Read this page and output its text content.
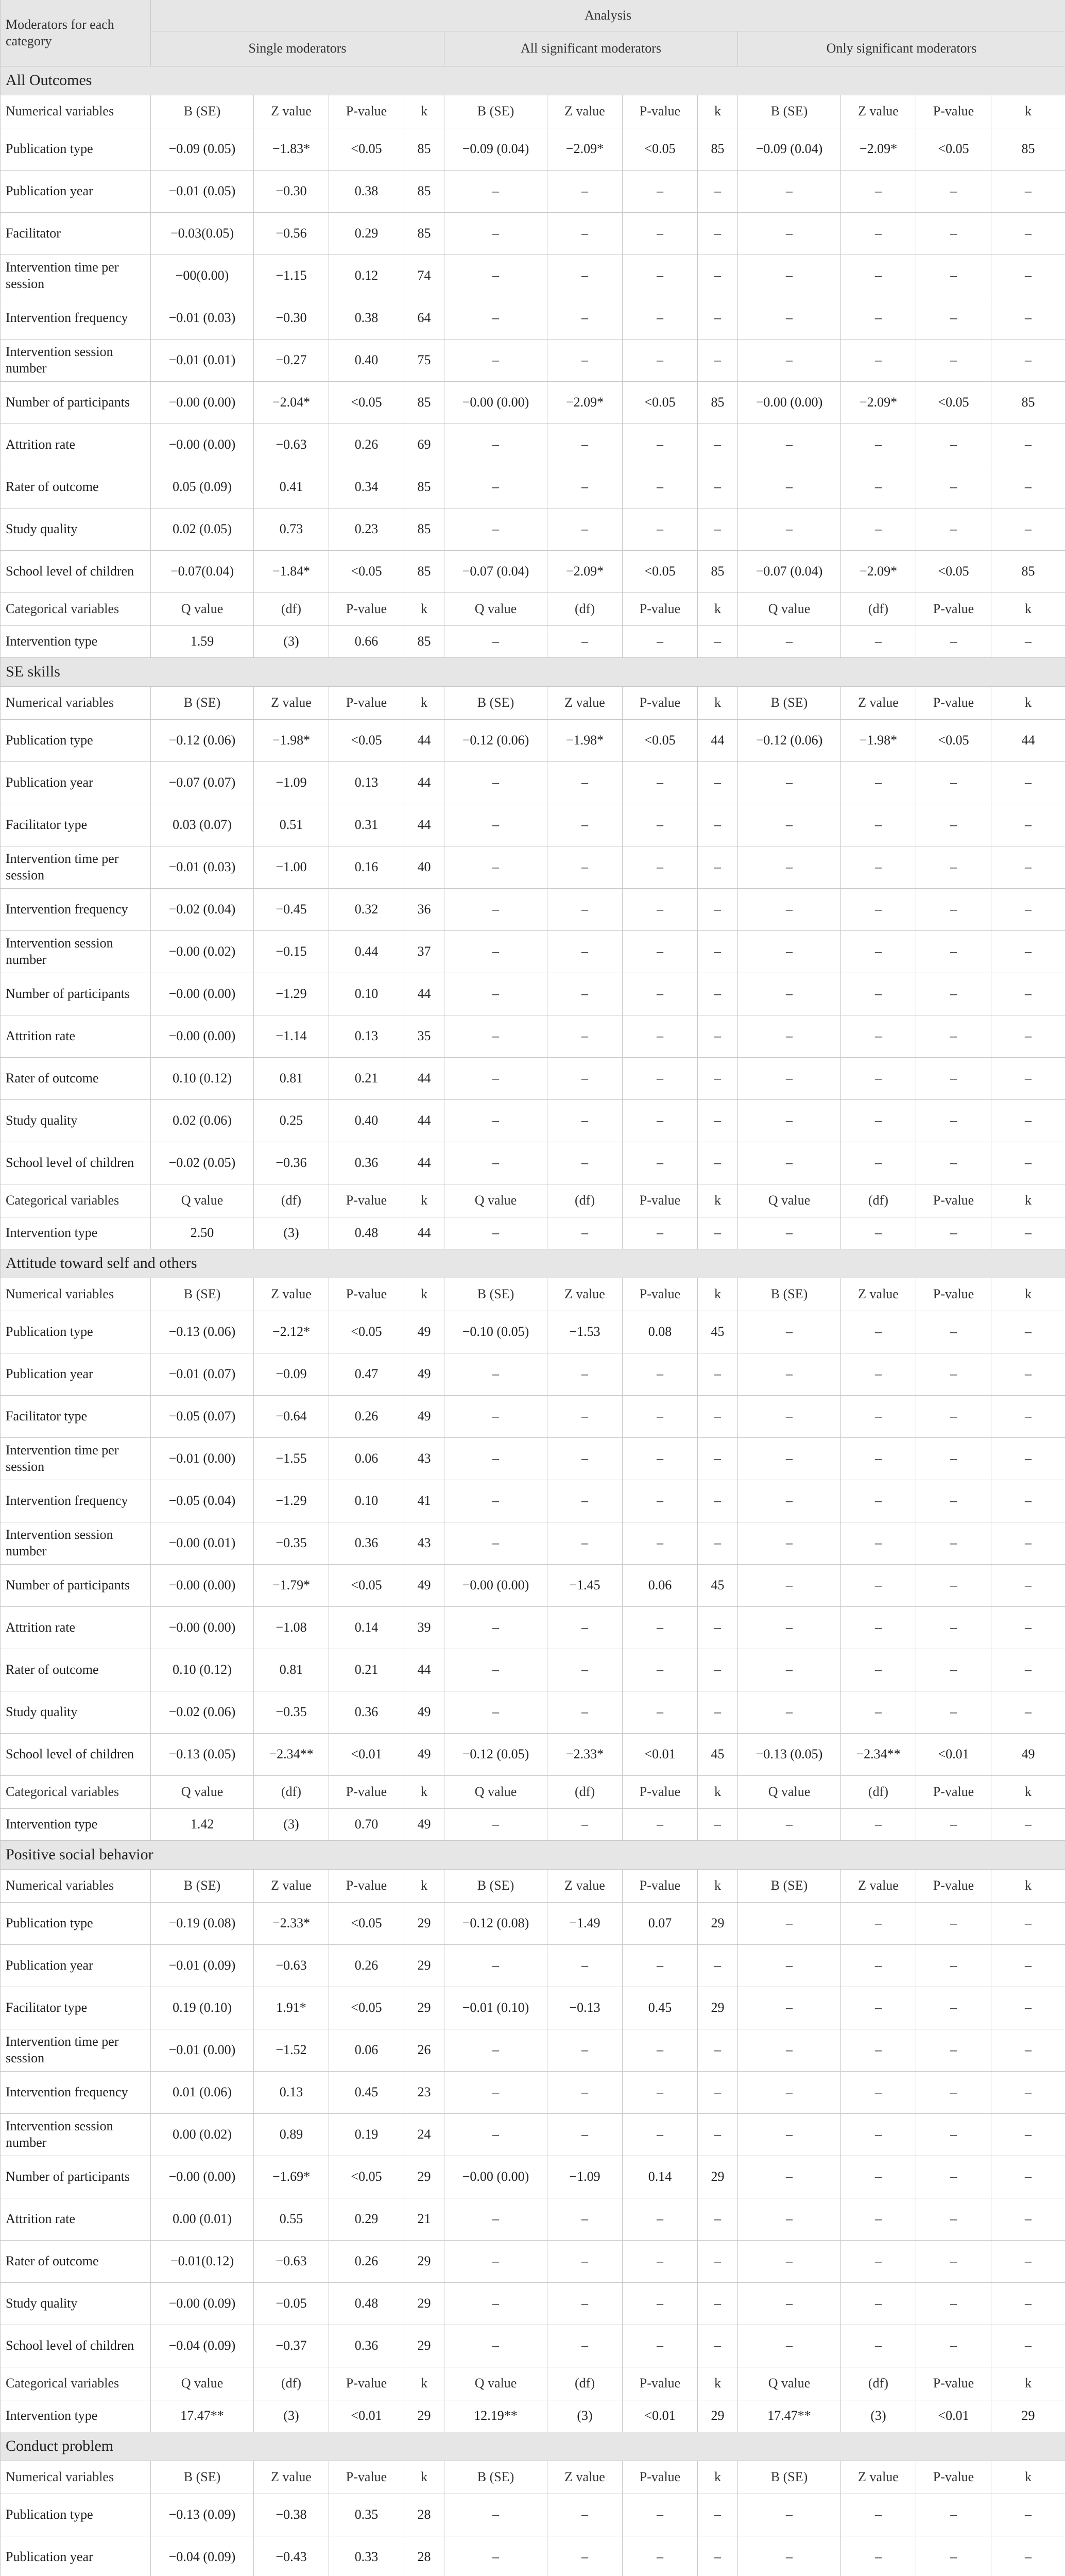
Moderators for each category	Analysis											
	Single moderators				All significant moderators				Only significant moderators			
All Outcomes												
Numerical variables	B (SE)	Z value	P-value	k	B (SE)	Z value	P-value	k	B (SE)	Z value	P-value	k
Publication type	−0.09 (0.05)	−1.83*	<0.05	85	−0.09 (0.04)	−2.09*	<0.05	85	−0.09 (0.04)	−2.09*	<0.05	85
Publication year	−0.01 (0.05)	−0.30	0.38	85	–	–	–	–	–	–	–	–
Facilitator	−0.03(0.05)	−0.56	0.29	85	–	–	–	–	–	–	–	–
Intervention time per session	−00(0.00)	−1.15	0.12	74	–	–	–	–	–	–	–	–
Intervention frequency	−0.01 (0.03)	−0.30	0.38	64	–	–	–	–	–	–	–	–
Intervention session number	−0.01 (0.01)	−0.27	0.40	75	–	–	–	–	–	–	–	–
Number of participants	−0.00 (0.00)	−2.04*	<0.05	85	−0.00 (0.00)	−2.09*	<0.05	85	−0.00 (0.00)	−2.09*	<0.05	85
Attrition rate	−0.00 (0.00)	−0.63	0.26	69	–	–	–	–	–	–	–	–
Rater of outcome	0.05 (0.09)	0.41	0.34	85	–	–	–	–	–	–	–	–
Study quality	0.02 (0.05)	0.73	0.23	85	–	–	–	–	–	–	–	–
School level of children	−0.07(0.04)	−1.84*	<0.05	85	−0.07 (0.04)	−2.09*	<0.05	85	−0.07 (0.04)	−2.09*	<0.05	85
Categorical variables	Q value	(df)	P-value	k	Q value	(df)	P-value	k	Q value	(df)	P-value	k
Intervention type	1.59	(3)	0.66	85	–	–	–	–	–	–	–	–
SE skills												
Numerical variables	B (SE)	Z value	P-value	k	B (SE)	Z value	P-value	k	B (SE)	Z value	P-value	k
Publication type	−0.12 (0.06)	−1.98*	<0.05	44	−0.12 (0.06)	−1.98*	<0.05	44	−0.12 (0.06)	−1.98*	<0.05	44
Publication year	−0.07 (0.07)	−1.09	0.13	44	–	–	–	–	–	–	–	–
Facilitator type	0.03 (0.07)	0.51	0.31	44	–	–	–	–	–	–	–	–
Intervention time per session	−0.01 (0.03)	−1.00	0.16	40	–	–	–	–	–	–	–	–
Intervention frequency	−0.02 (0.04)	−0.45	0.32	36	–	–	–	–	–	–	–	–
Intervention session number	−0.00 (0.02)	−0.15	0.44	37	–	–	–	–	–	–	–	–
Number of participants	−0.00 (0.00)	−1.29	0.10	44	–	–	–	–	–	–	–	–
Attrition rate	−0.00 (0.00)	−1.14	0.13	35	–	–	–	–	–	–	–	–
Rater of outcome	0.10 (0.12)	0.81	0.21	44	–	–	–	–	–	–	–	–
Study quality	0.02 (0.06)	0.25	0.40	44	–	–	–	–	–	–	–	–
School level of children	−0.02 (0.05)	−0.36	0.36	44	–	–	–	–	–	–	–	–
Categorical variables	Q value	(df)	P-value	k	Q value	(df)	P-value	k	Q value	(df)	P-value	k
Intervention type	2.50	(3)	0.48	44	–	–	–	–	–	–	–	–
Attitude toward self and others												
Numerical variables	B (SE)	Z value	P-value	k	B (SE)	Z value	P-value	k	B (SE)	Z value	P-value	k
Publication type	−0.13 (0.06)	−2.12*	<0.05	49	−0.10 (0.05)	−1.53	0.08	45	–	–	–	–
Publication year	−0.01 (0.07)	−0.09	0.47	49	–	–	–	–	–	–	–	–
Facilitator type	−0.05 (0.07)	−0.64	0.26	49	–	–	–	–	–	–	–	–
Intervention time per session	−0.01 (0.00)	−1.55	0.06	43	–	–	–	–	–	–	–	–
Intervention frequency	−0.05 (0.04)	−1.29	0.10	41	–	–	–	–	–	–	–	–
Intervention session number	−0.00 (0.01)	−0.35	0.36	43	–	–	–	–	–	–	–	–
Number of participants	−0.00 (0.00)	−1.79*	<0.05	49	−0.00 (0.00)	−1.45	0.06	45	–	–	–	–
Attrition rate	−0.00 (0.00)	−1.08	0.14	39	–	–	–	–	–	–	–	–
Rater of outcome	0.10 (0.12)	0.81	0.21	44	–	–	–	–	–	–	–	–
Study quality	−0.02 (0.06)	−0.35	0.36	49	–	–	–	–	–	–	–	–
School level of children	−0.13 (0.05)	−2.34**	<0.01	49	−0.12 (0.05)	−2.33*	<0.01	45	−0.13 (0.05)	−2.34**	<0.01	49
Categorical variables	Q value	(df)	P-value	k	Q value	(df)	P-value	k	Q value	(df)	P-value	k
Intervention type	1.42	(3)	0.70	49	–	–	–	–	–	–	–	–
Positive social behavior												
Numerical variables	B (SE)	Z value	P-value	k	B (SE)	Z value	P-value	k	B (SE)	Z value	P-value	k
Publication type	−0.19 (0.08)	−2.33*	<0.05	29	−0.12 (0.08)	−1.49	0.07	29	–	–	–	–
Publication year	−0.01 (0.09)	−0.63	0.26	29	–	–	–	–	–	–	–	–
Facilitator type	0.19 (0.10)	1.91*	<0.05	29	−0.01 (0.10)	−0.13	0.45	29	–	–	–	–
Intervention time per session	−0.01 (0.00)	−1.52	0.06	26	–	–	–	–	–	–	–	–
Intervention frequency	0.01 (0.06)	0.13	0.45	23	–	–	–	–	–	–	–	–
Intervention session number	0.00 (0.02)	0.89	0.19	24	–	–	–	–	–	–	–	–
Number of participants	−0.00 (0.00)	−1.69*	<0.05	29	−0.00 (0.00)	−1.09	0.14	29	–	–	–	–
Attrition rate	0.00 (0.01)	0.55	0.29	21	–	–	–	–	–	–	–	–
Rater of outcome	−0.01(0.12)	−0.63	0.26	29	–	–	–	–	–	–	–	–
Study quality	−0.00 (0.09)	−0.05	0.48	29	–	–	–	–	–	–	–	–
School level of children	−0.04 (0.09)	−0.37	0.36	29	–	–	–	–	–	–	–	–
Categorical variables	Q value	(df)	P-value	k	Q value	(df)	P-value	k	Q value	(df)	P-value	k
Intervention type	17.47**	(3)	<0.01	29	12.19**	(3)	<0.01	29	17.47**	(3)	<0.01	29
Conduct problem												
Numerical variables	B (SE)	Z value	P-value	k	B (SE)	Z value	P-value	k	B (SE)	Z value	P-value	k
Publication type	−0.13 (0.09)	−0.38	0.35	28	–	–	–	–	–	–	–	–
Publication year	−0.04 (0.09)	−0.43	0.33	28	–	–	–	–	–	–	–	–
